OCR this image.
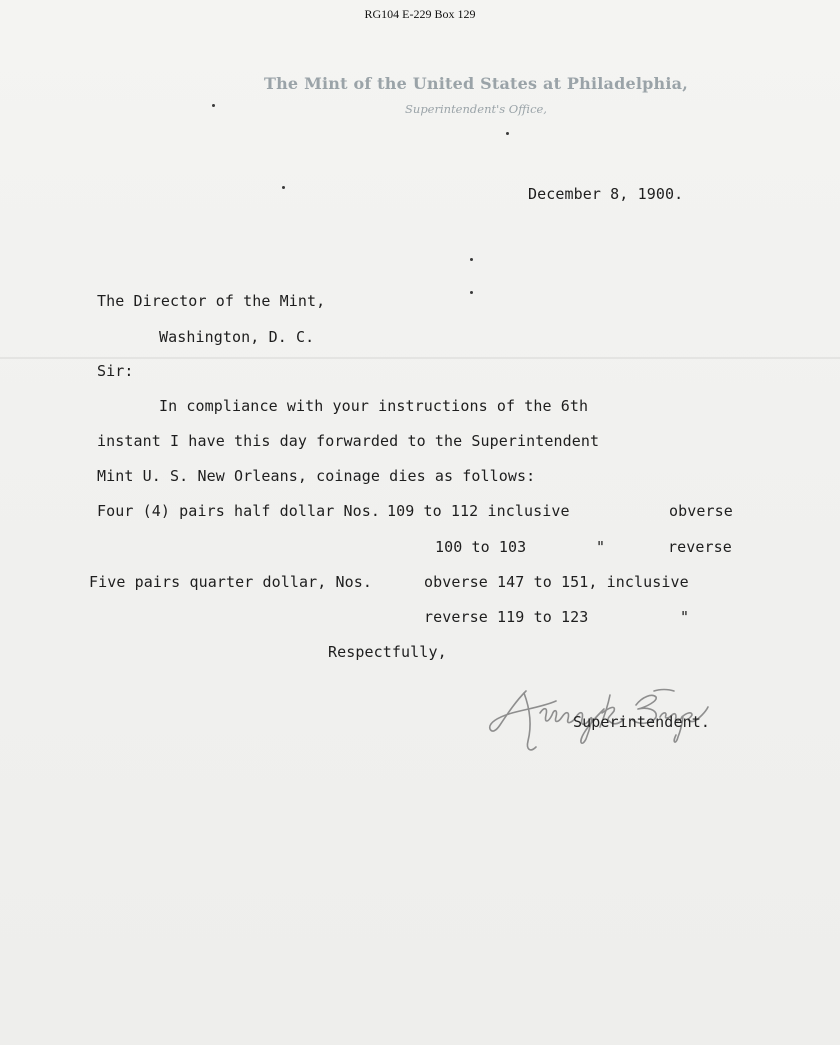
RG104 E-229 Box 129
The Mint of the United States at Philadelphia,
Superintendent's Office,
December 8, 1900.
The Director of the Mint,
Washington, D. C.
Sir:
In compliance with your instructions of the 6th
instant I have this day forwarded to the Superintendent
Mint U. S. New Orleans, coinage dies as follows:
Four (4) pairs half dollar Nos. 109 to 112 inclusive	obverse
100 to 103	"	reverse
Five pairs quarter dollar, Nos.	obverse 147 to 151, inclusive
reverse 119 to 123	"
Respectfully,
Superintendent.
